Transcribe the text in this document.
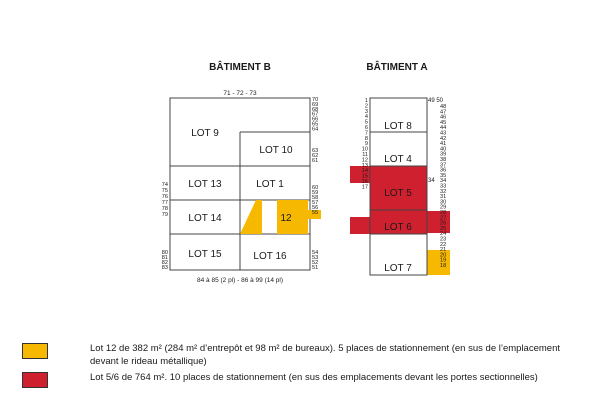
BÂTIMENT B	BÂTIMENT A
LOT 9
LOT 10
LOT 13	LOT 1
LOT 14	12
LOT 15	LOT 16
71 - 72 - 73
84 à 85 (2 pl) - 86 à 99 (14 pl)
70
69
68
67
66
65
64
63
62
61
60
59
58
57
56
55
54
53
52
51
74
75
76
77
78
79
80
81
82
83
LOT 8
LOT 4
LOT 5
LOT 6
LOT 7
49 50
34
48
47
46
45
44
43
42
41
40
39
38
37
36
35
34
33
32
31
30
29
28
27
26
25
24
23
22
21
20
19
18
1
2
3
4
5
6
7
8
9
10
11
12
13
14
15
16
17
Lot 12 de 382 m² (284 m² d’entrepôt et 98 m² de bureaux). 5 places de stationnement (en sus de l’emplacement devant le rideau métallique)
Lot 5/6 de 764 m². 10 places de stationnement (en sus des emplacements devant les portes sectionnelles)
